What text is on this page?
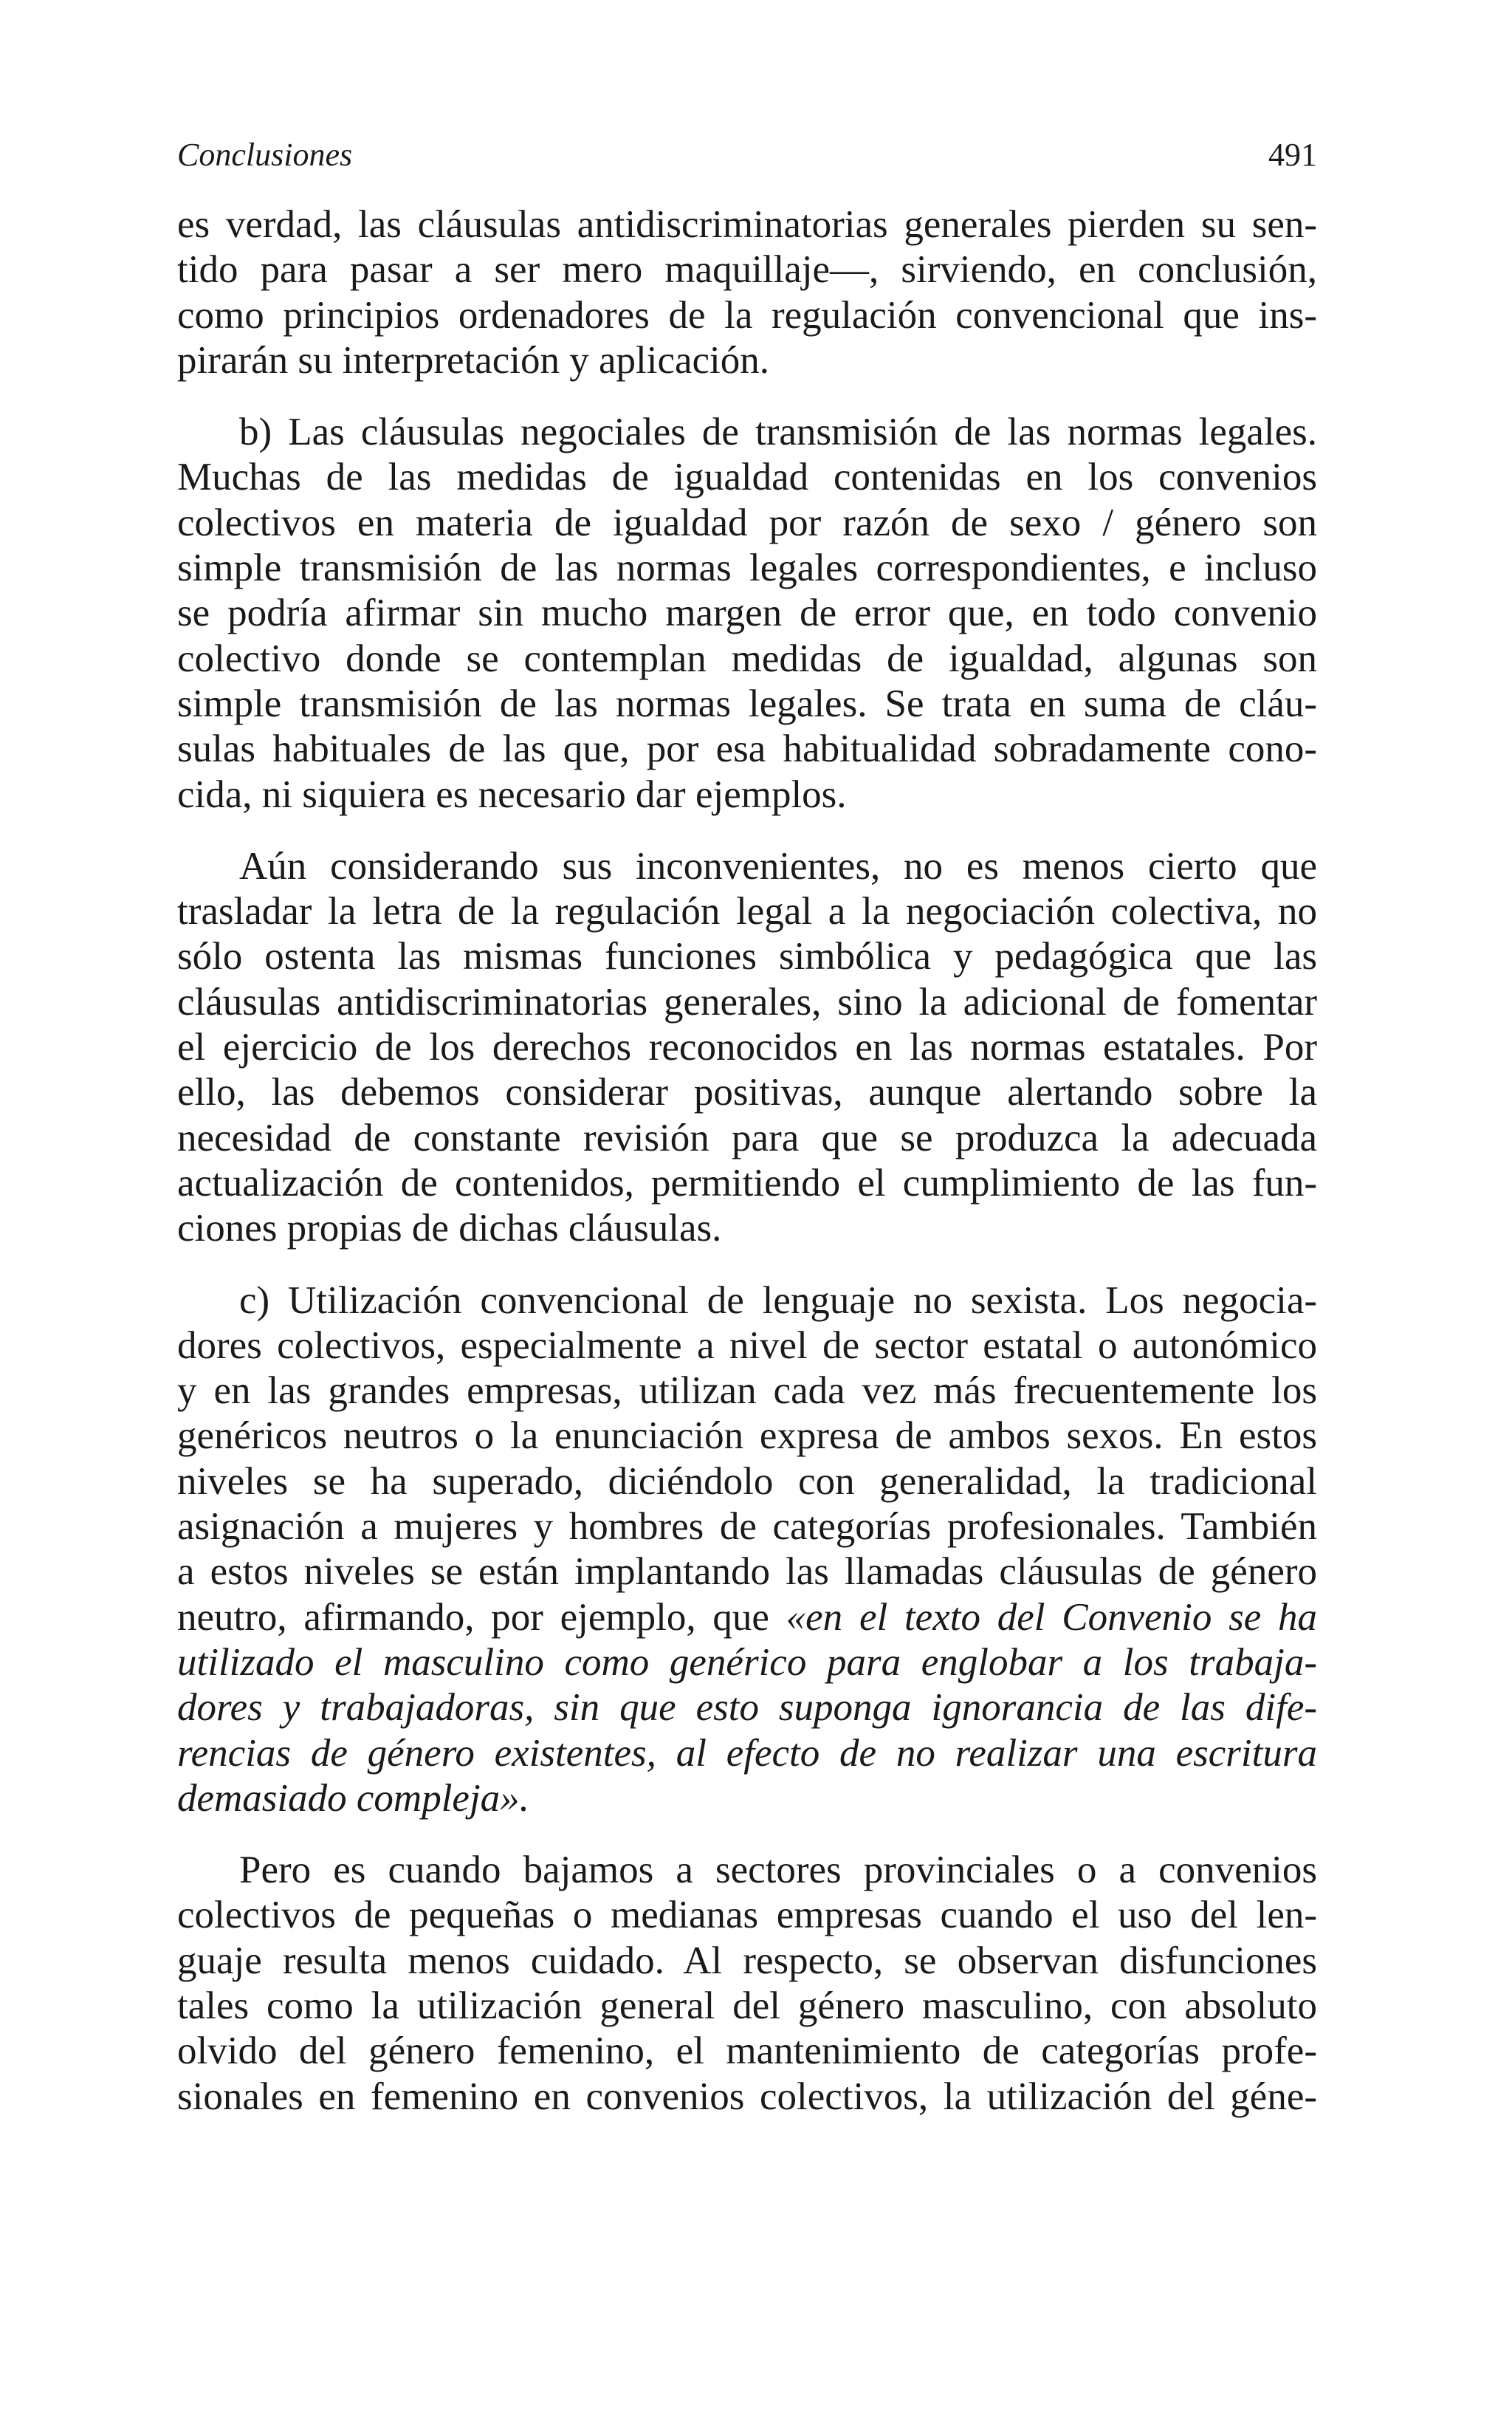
Conclusiones	491

es verdad, las cláusulas antidiscriminatorias generales pierden su sen-
tido para pasar a ser mero maquillaje—, sirviendo, en conclusión,
como principios ordenadores de la regulación convencional que ins-
pirarán su interpretación y aplicación.

b) Las cláusulas negociales de transmisión de las normas legales.
Muchas de las medidas de igualdad contenidas en los convenios
colectivos en materia de igualdad por razón de sexo / género son
simple transmisión de las normas legales correspondientes, e incluso
se podría afirmar sin mucho margen de error que, en todo convenio
colectivo donde se contemplan medidas de igualdad, algunas son
simple transmisión de las normas legales. Se trata en suma de cláu-
sulas habituales de las que, por esa habitualidad sobradamente cono-
cida, ni siquiera es necesario dar ejemplos.

Aún considerando sus inconvenientes, no es menos cierto que
trasladar la letra de la regulación legal a la negociación colectiva, no
sólo ostenta las mismas funciones simbólica y pedagógica que las
cláusulas antidiscriminatorias generales, sino la adicional de fomentar
el ejercicio de los derechos reconocidos en las normas estatales. Por
ello, las debemos considerar positivas, aunque alertando sobre la
necesidad de constante revisión para que se produzca la adecuada
actualización de contenidos, permitiendo el cumplimiento de las fun-
ciones propias de dichas cláusulas.

c) Utilización convencional de lenguaje no sexista. Los negocia-
dores colectivos, especialmente a nivel de sector estatal o autonómico
y en las grandes empresas, utilizan cada vez más frecuentemente los
genéricos neutros o la enunciación expresa de ambos sexos. En estos
niveles se ha superado, diciéndolo con generalidad, la tradicional
asignación a mujeres y hombres de categorías profesionales. También
a estos niveles se están implantando las llamadas cláusulas de género
neutro, afirmando, por ejemplo, que «en el texto del Convenio se ha
utilizado el masculino como genérico para englobar a los trabaja-
dores y trabajadoras, sin que esto suponga ignorancia de las dife-
rencias de género existentes, al efecto de no realizar una escritura
demasiado compleja».

Pero es cuando bajamos a sectores provinciales o a convenios
colectivos de pequeñas o medianas empresas cuando el uso del len-
guaje resulta menos cuidado. Al respecto, se observan disfunciones
tales como la utilización general del género masculino, con absoluto
olvido del género femenino, el mantenimiento de categorías profe-
sionales en femenino en convenios colectivos, la utilización del géne-
